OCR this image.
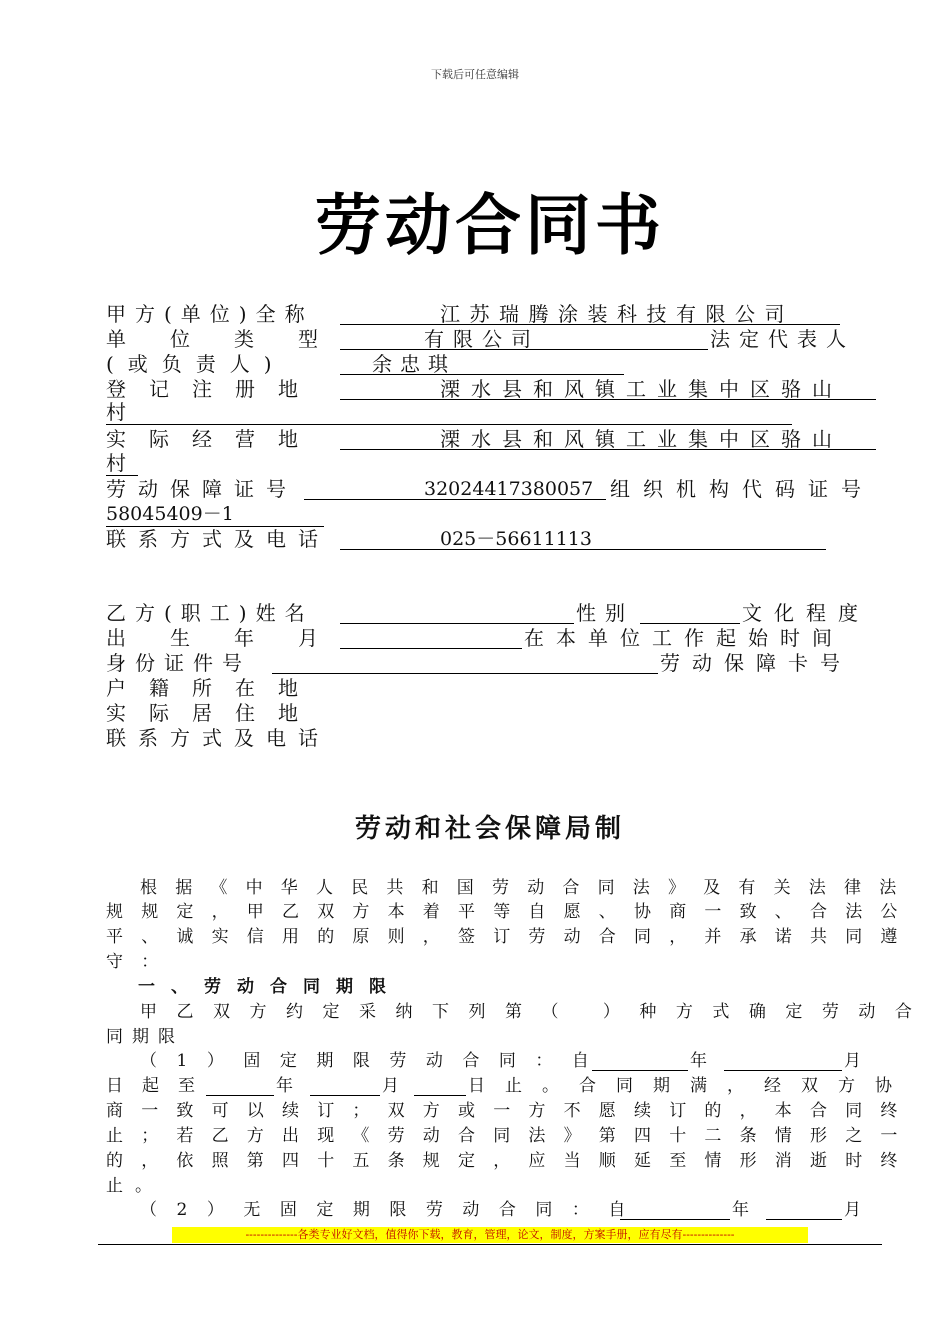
下载后可任意编辑
劳动合同书
甲方(单位)全称	江苏瑞腾涂装科技有限公司
单位类型	有限公司	法定代表人
(或负责人)	余忠琪
登记注册地	溧水县和风镇工业集中区骆山
村
实际经营地	溧水县和风镇工业集中区骆山
村
劳动保障证号	32024417380057 组织机构代码证号
58045409－1
联系方式及电话	025－56611113
乙方(职工)姓名	性别	文化程度
出生年月	在本单位工作起始时间
身份证件号	劳动保障卡号
户籍所在地
实际居住地
联系方式及电话
劳动和社会保障局制
根据《中华人民共和国劳动合同法》及有关法律法
规规定，甲乙双方本着平等自愿、协商一致、合法公
平、诚实信用的原则，签订劳动合同，并承诺共同遵
守：
一、劳动合同期限
甲乙双方约定采纳下列第（ ）种方式确定劳动合
同期限
（1）固定期限劳动合同：自	年	月
日起至	年	月	日止。合同期满，经双方协
商一致可以续订；双方或一方不愿续订的，本合同终
止；若乙方出现《劳动合同法》第四十二条情形之一
的，依照第四十五条规定，应当顺延至情形消逝时终
止。
（2）无固定期限劳动合同：自	年	月
--------------各类专业好文档，值得你下载，教育，管理，论文，制度，方案手册，应有尽有--------------
